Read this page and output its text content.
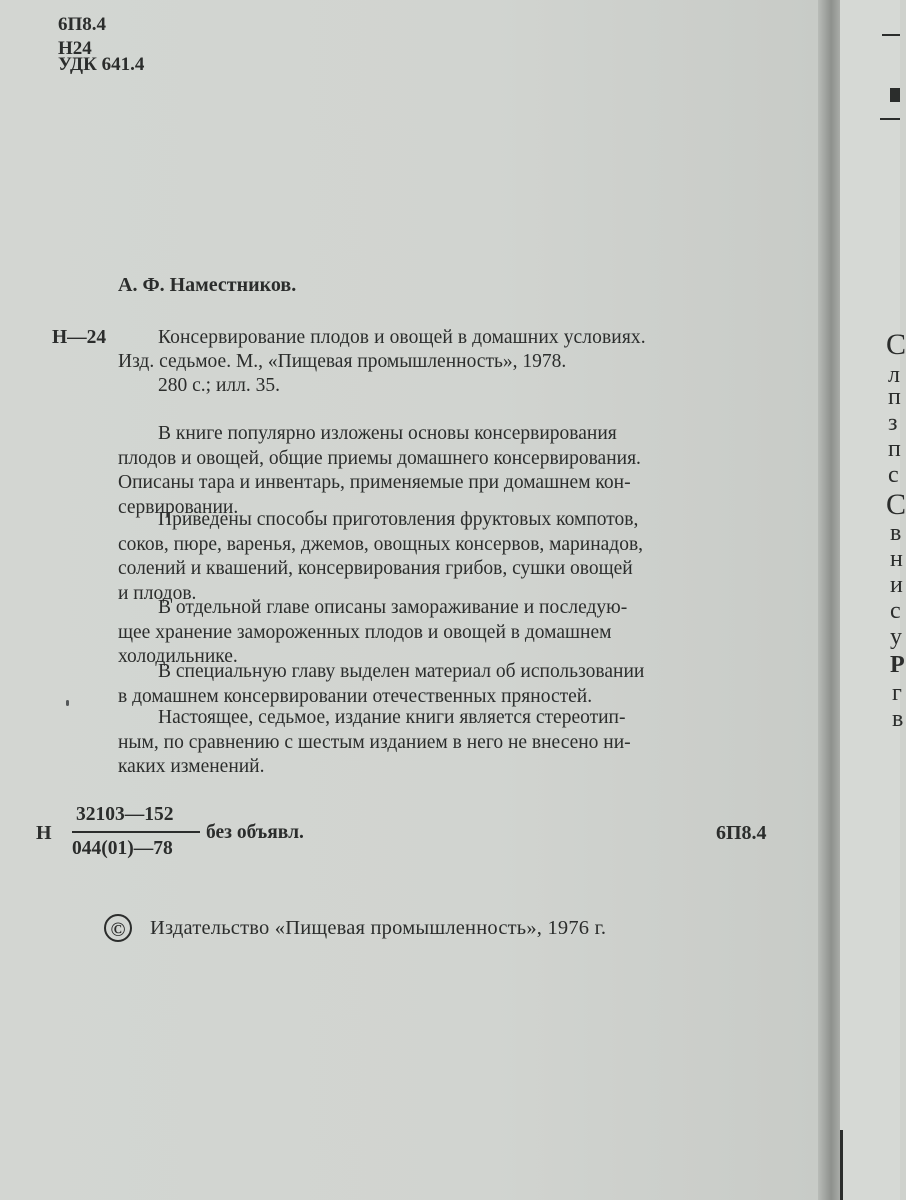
6П8.4

Н24

УДК 641.4

А. Ф. Наместников.

Н—24	Консервирование плодов и овощей в домашних условиях.

Изд. седьмое. М., «Пищевая промышленность», 1978.

280 с.; илл. 35.

В книге популярно изложены основы консервирования
плодов и овощей, общие приемы домашнего консервирования.
Описаны тара и инвентарь, применяемые при домашнем кон-
сервировании.
Приведены способы приготовления фруктовых компотов,
соков, пюре, варенья, джемов, овощных консервов, маринадов,
солений и квашений, консервирования грибов, сушки овощей
и плодов.
В отдельной главе описаны замораживание и последую-
щее хранение замороженных плодов и овощей в домашнем
холодильнике.
В специальную главу выделен материал об использовании
в домашнем консервировании отечественных пряностей.
Настоящее, седьмое, издание книги является стереотип-
ным, по сравнению с шестым изданием в него не внесено ни-
каких изменений.

Н

32103—152

044(01)—78

без объявл.	6П8.4

©	Издательство «Пищевая промышленность», 1976 г.
С
л
п
з
п
с
С
в
н
и
с
у
Р
г
в
